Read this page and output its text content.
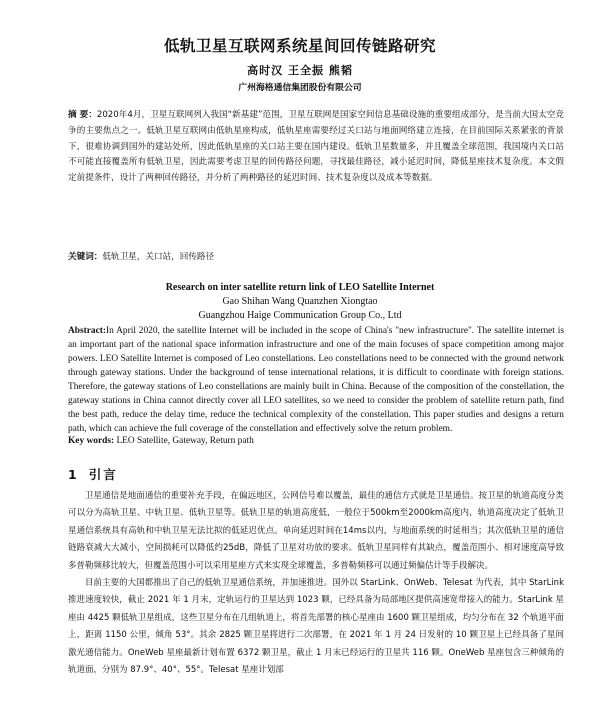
低轨卫星互联网系统星间回传链路研究
高时汉 王全振 熊韬
广州海格通信集团股份有限公司
摘 要：2020年4月，卫星互联网列入我国“新基建”范围，卫星互联网是国家空间信息基础设施的重要组成部分，是当前大国太空竞争的主要焦点之一。低轨卫星互联网由低轨星座构成，低轨星座需要经过关口站与地面网络建立连接，在目前国际关系紧张的背景下，很难协调到国外的建站处所，因此低轨星座的关口站主要在国内建设。低轨卫星数量多，并且覆盖全球范围，我国境内关口站不可能直接覆盖所有低轨卫星，因此需要考虑卫星的回传路径问题，寻找最佳路径，减小延迟时间，降低星座技术复杂度。本文假定前提条件，设计了两种回传路径，并分析了两种路径的延迟时间、技术复杂度以及成本等数据。
关键词：低轨卫星，关口站，回传路径
Research on inter satellite return link of LEO Satellite Internet
Gao Shihan Wang Quanzhen Xiongtao
Guangzhou Haige Communication Group Co., Ltd
Abstract:In April 2020, the satellite Internet will be included in the scope of China's "new infrastructure". The satellite internet is an important part of the national space information infrastructure and one of the main focuses of space competition among major powers. LEO Satellite Internet is composed of Leo constellations. Leo constellations need to be connected with the ground network through gateway stations. Under the background of tense international relations, it is difficult to coordinate with foreign stations. Therefore, the gateway stations of Leo constellations are mainly built in China. Because of the composition of the constellation, the gateway stations in China cannot directly cover all LEO satellites, so we need to consider the problem of satellite return path, find the best path, reduce the delay time, reduce the technical complexity of the constellation. This paper studies and designs a return path, which can achieve the full coverage of the constellation and effectively solve the return problem.
Key words: LEO Satellite, Gateway, Return path
1 引言

卫星通信是地面通信的重要补充手段，在偏远地区，公网信号难以覆盖，最佳的通信方式就是卫星通信。按卫星的轨道高度分类可以分为高轨卫星、中轨卫星、低轨卫星等。低轨卫星的轨道高度低，一般位于500km至2000km高度内，轨道高度决定了低轨卫星通信系统具有高轨和中轨卫星无法比拟的低延迟优点。单向延迟时间在14ms以内，与地面系统的时延相当；其次低轨卫星的通信链路衰减大大减小，空间损耗可以降低约25dB，降低了卫星对功放的要求。低轨卫星同样有其缺点，覆盖范围小、相对速度高导致多普勒频移比较大，但覆盖范围小可以采用星座方式来实现全球覆盖，多普勒频移可以通过频偏估计等手段解决。

目前主要的大国都推出了自己的低轨卫星通信系统，并加速推进。国外以 StarLink、OnWeb、Telesat 为代表，其中 StarLink 推进速度较快，截止 2021 年 1 月末，定轨运行的卫星达到 1023 颗，已经具备为局部地区提供高速宽带接入的能力。StarLink 星座由 4425 颗低轨卫星组成，这些卫星分布在几组轨道上，将首先部署的核心星座由 1600 颗卫星组成，均匀分布在 32 个轨道平面上，距离 1150 公里，倾角 53°。其余 2825 颗卫星将进行二次部署，在 2021 年 1 月 24 日发射的 10 颗卫星上已经具备了星间激光通信能力。OneWeb 星座最新计划布置 6372 颗卫星，截止 1 月末已经运行的卫星共 116 颗。OneWeb 星座包含三种倾角的轨道面，分别为 87.9°、40°、55°。Telesat 星座计划部
